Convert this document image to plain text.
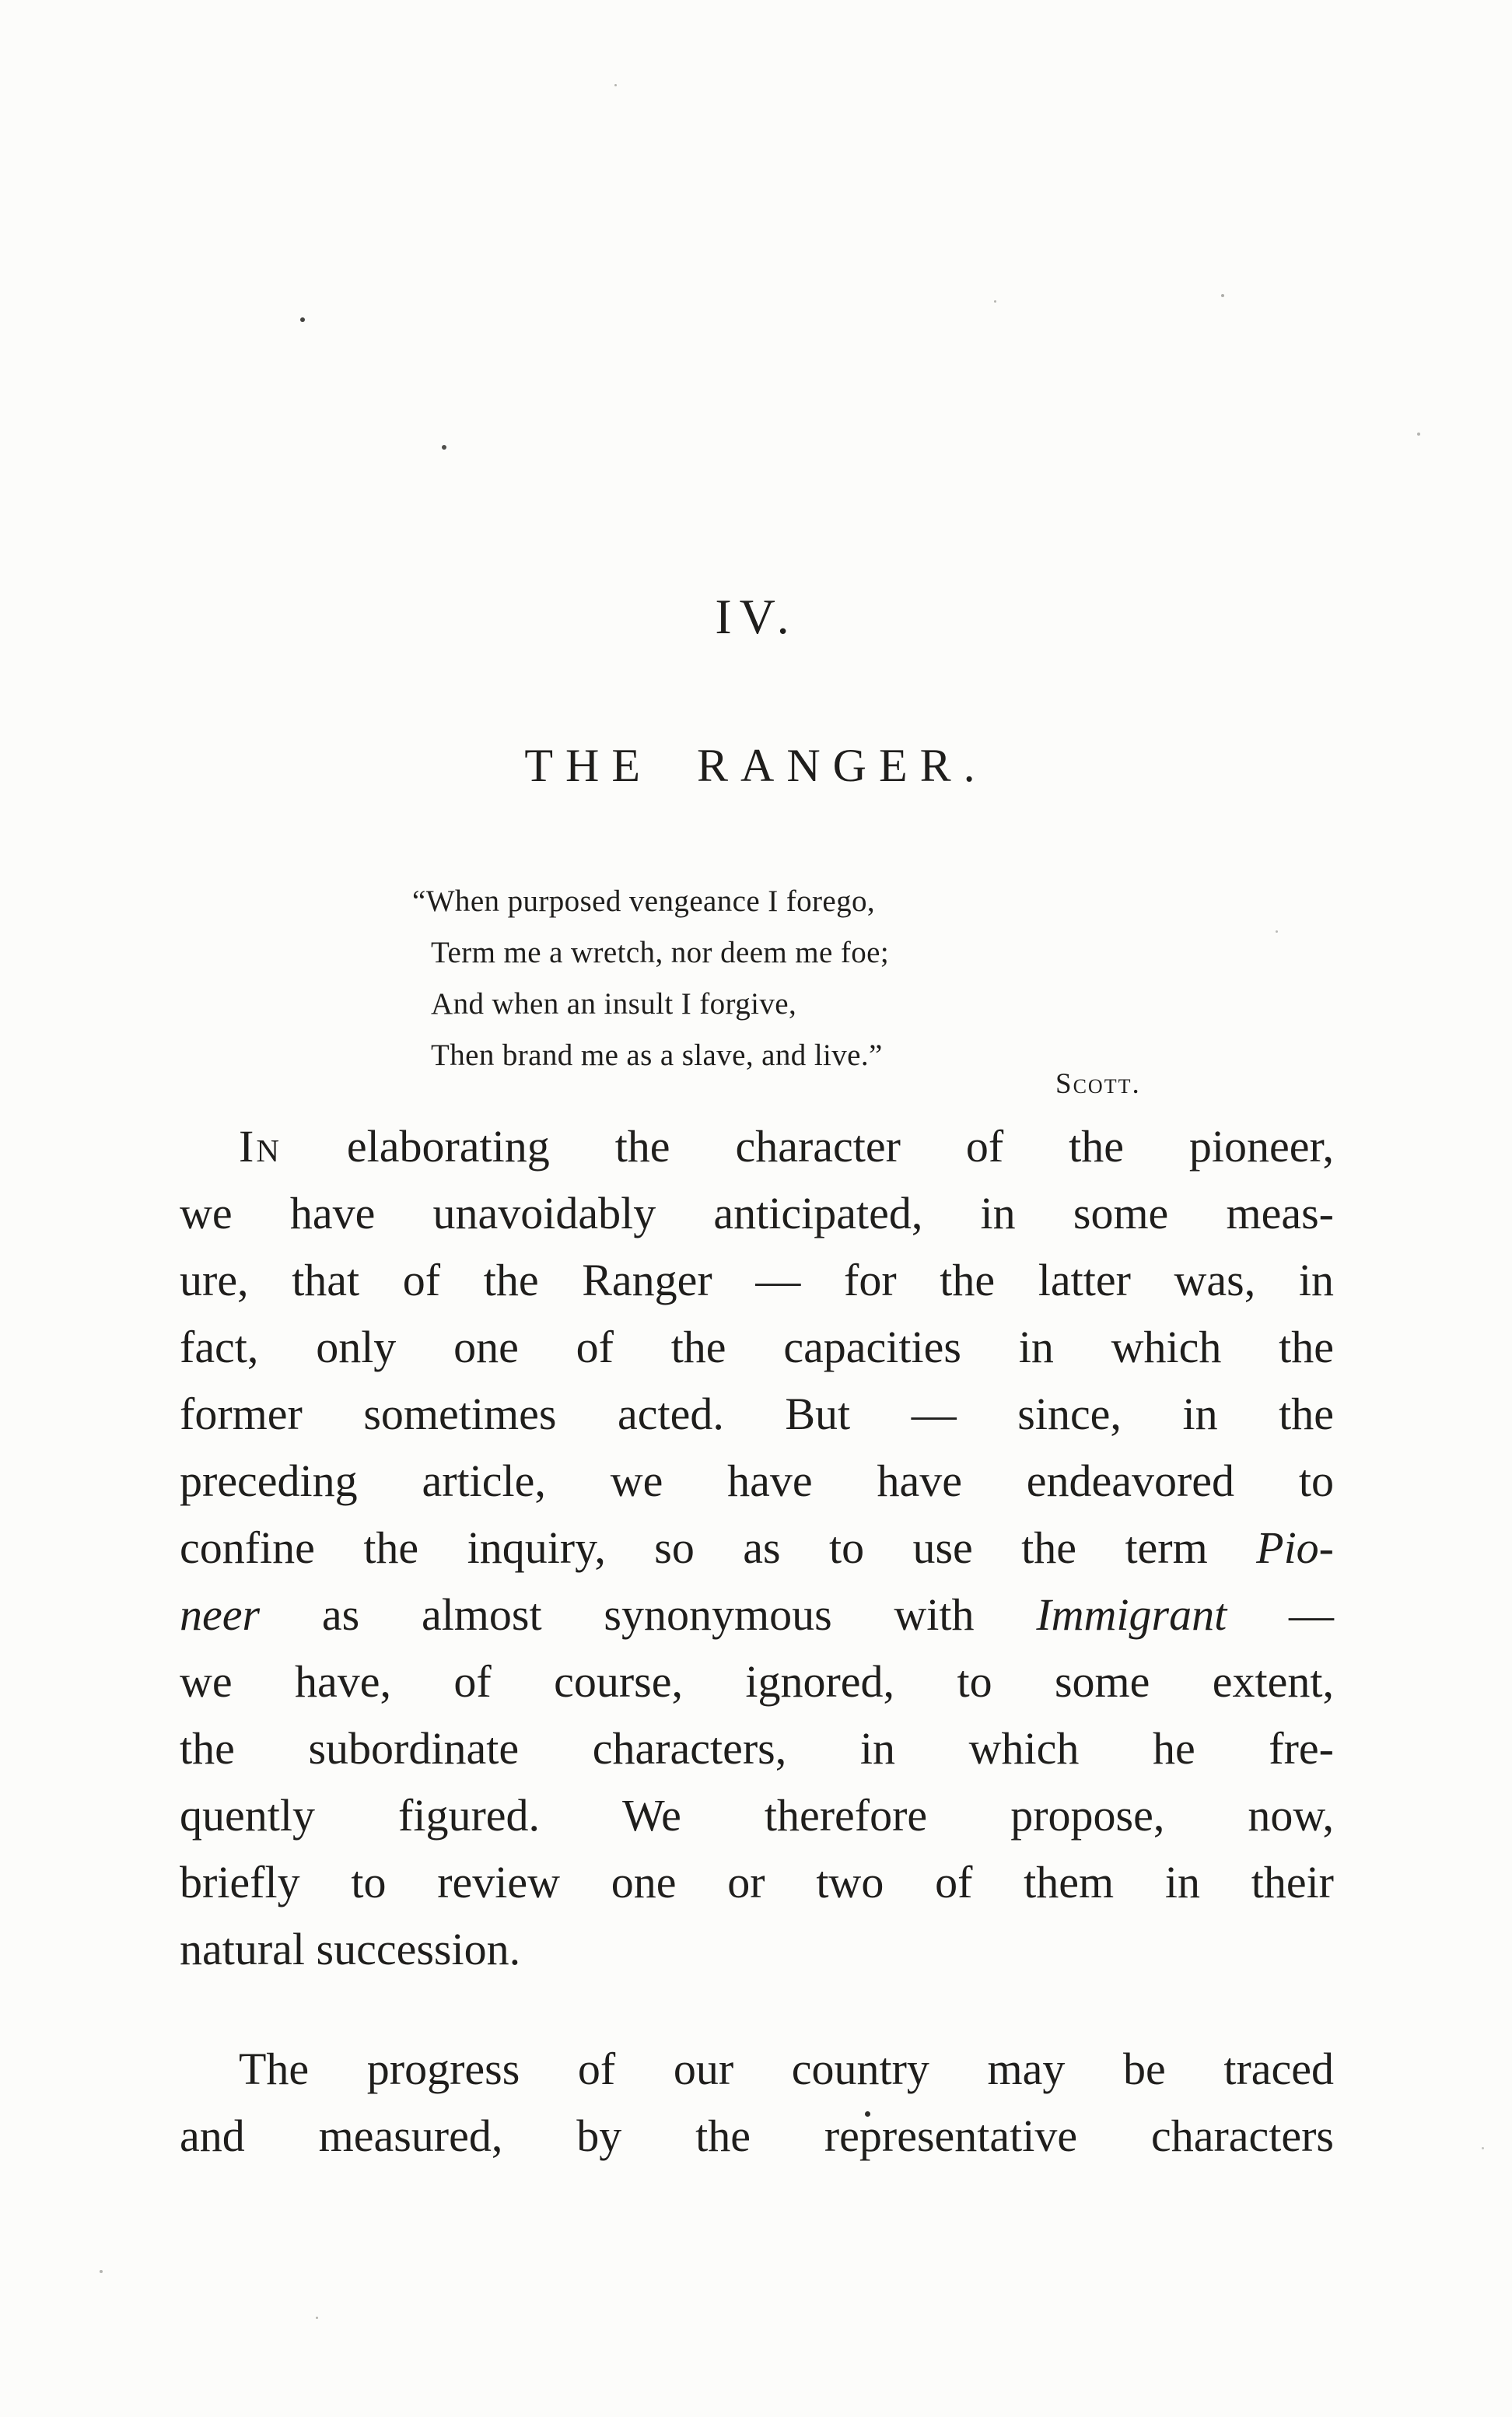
IV.
THE RANGER.
“When purposed vengeance I forego,
Term me a wretch, nor deem me foe;
And when an insult I forgive,
Then brand me as a slave, and live.”
Scott.
In elaborating the character of the pioneer,
we have unavoidably anticipated, in some meas-
ure, that of the Ranger — for the latter was, in
fact, only one of the capacities in which the
former sometimes acted. But — since, in the
preceding article, we have have endeavored to
confine the inquiry, so as to use the term Pio-
neer as almost synonymous with Immigrant —
we have, of course, ignored, to some extent,
the subordinate characters, in which he fre-
quently figured. We therefore propose, now,
briefly to review one or two of them in their
natural succession.
The progress of our country may be traced
and measured, by the representative characters
